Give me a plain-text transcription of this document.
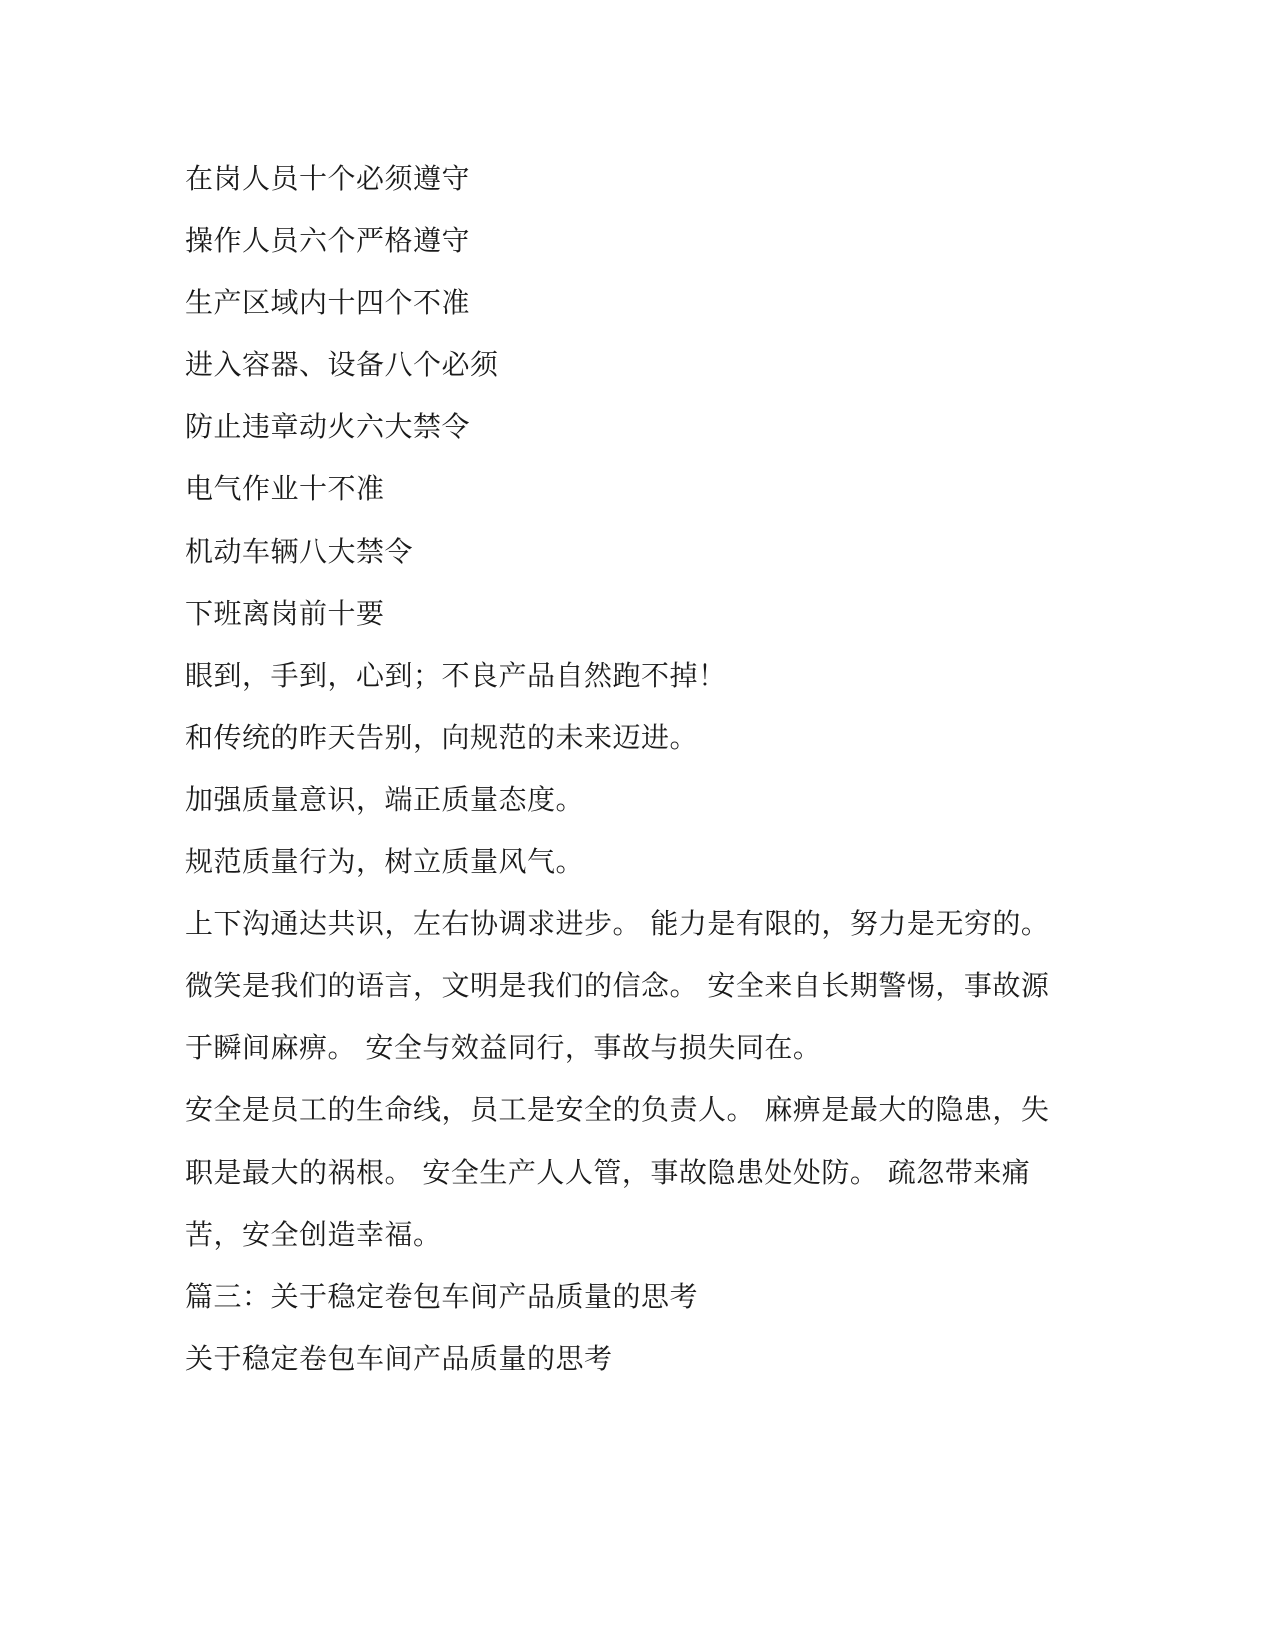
在岗人员十个必须遵守
操作人员六个严格遵守
生产区域内十四个不准
进入容器、设备八个必须
防止违章动火六大禁令
电气作业十不准
机动车辆八大禁令
下班离岗前十要
眼到，手到，心到；不良产品自然跑不掉！
和传统的昨天告别，向规范的未来迈进。
加强质量意识，端正质量态度。
规范质量行为，树立质量风气。
上下沟通达共识，左右协调求进步。 能力是有限的，努力是无穷的。
微笑是我们的语言，文明是我们的信念。 安全来自长期警惕，事故源
于瞬间麻痹。 安全与效益同行，事故与损失同在。
安全是员工的生命线，员工是安全的负责人。 麻痹是最大的隐患，失
职是最大的祸根。 安全生产人人管，事故隐患处处防。 疏忽带来痛
苦，安全创造幸福。
篇三：关于稳定卷包车间产品质量的思考
关于稳定卷包车间产品质量的思考
